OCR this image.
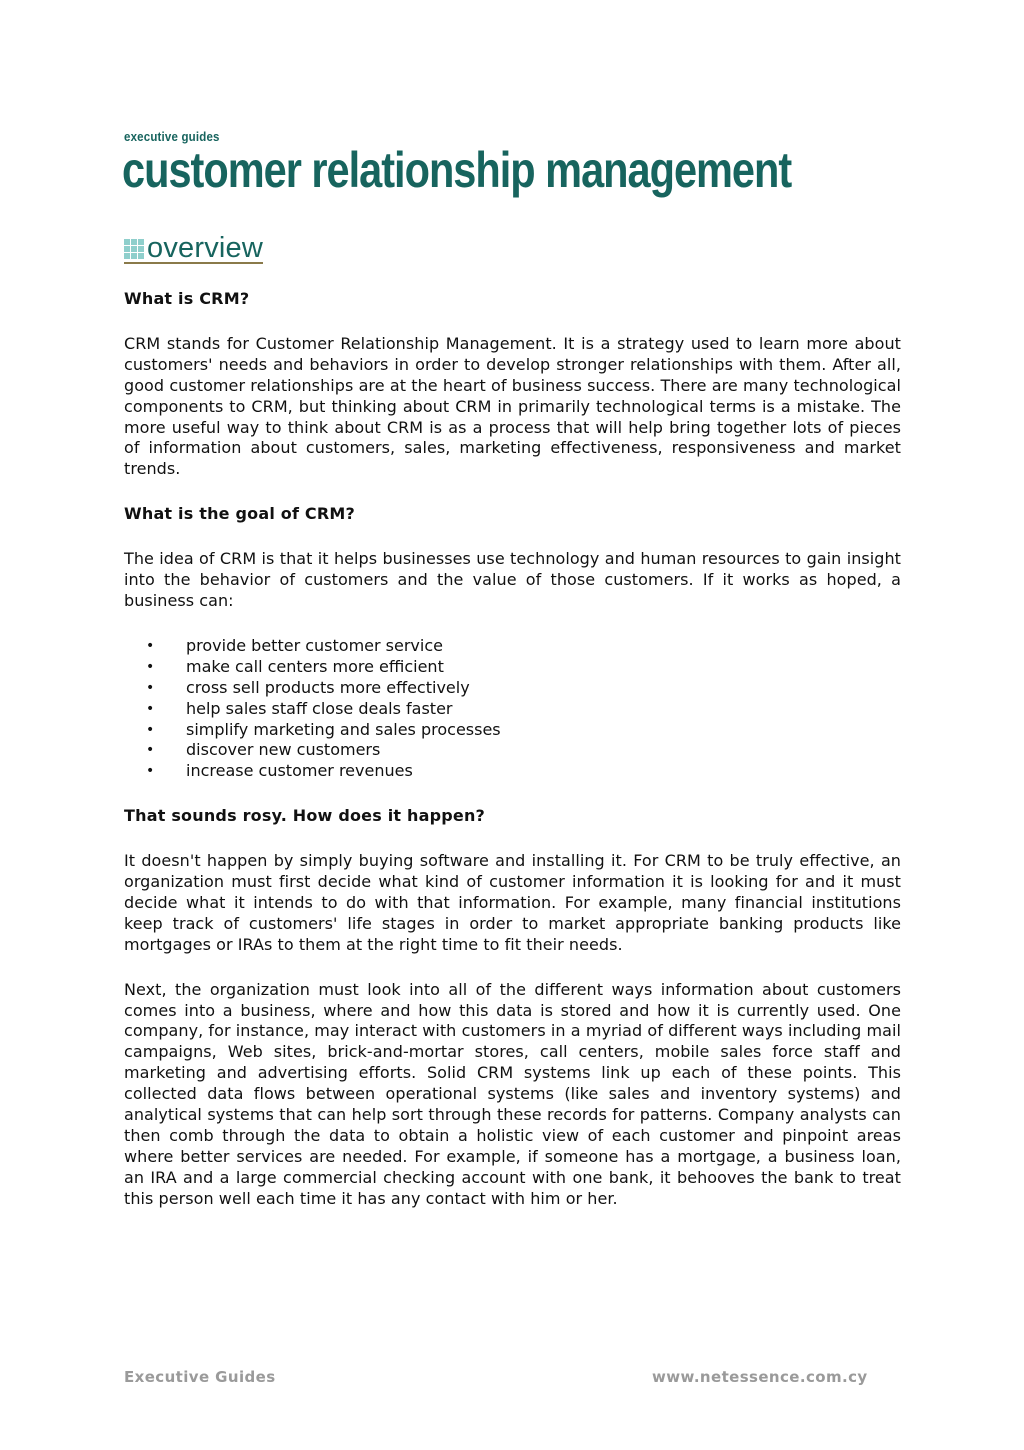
executive guides
customer relationship management
overview
What is CRM?

CRM stands for Customer Relationship Management. It is a strategy used to learn more about customers' needs and behaviors in order to develop stronger relationships with them. After all, good customer relationships are at the heart of business success. There are many technological components to CRM, but thinking about CRM in primarily technological terms is a mistake. The more useful way to think about CRM is as a process that will help bring together lots of pieces of information about customers, sales, marketing effectiveness, responsiveness and market trends.

What is the goal of CRM?

The idea of CRM is that it helps businesses use technology and human resources to gain insight into the behavior of customers and the value of those customers. If it works as hoped, a business can:

• provide better customer service
• make call centers more efficient
• cross sell products more effectively
• help sales staff close deals faster
• simplify marketing and sales processes
• discover new customers
• increase customer revenues
That sounds rosy. How does it happen?

It doesn't happen by simply buying software and installing it. For CRM to be truly effective, an organization must first decide what kind of customer information it is looking for and it must decide what it intends to do with that information. For example, many financial institutions keep track of customers' life stages in order to market appropriate banking products like mortgages or IRAs to them at the right time to fit their needs.

Next, the organization must look into all of the different ways information about customers comes into a business, where and how this data is stored and how it is currently used. One company, for instance, may interact with customers in a myriad of different ways including mail campaigns, Web sites, brick-and-mortar stores, call centers, mobile sales force staff and marketing and advertising efforts. Solid CRM systems link up each of these points. This collected data flows between operational systems (like sales and inventory systems) and analytical systems that can help sort through these records for patterns. Company analysts can then comb through the data to obtain a holistic view of each customer and pinpoint areas where better services are needed. For example, if someone has a mortgage, a business loan, an IRA and a large commercial checking account with one bank, it behooves the bank to treat this person well each time it has any contact with him or her.

Executive Guides	www.netessence.com.cy
